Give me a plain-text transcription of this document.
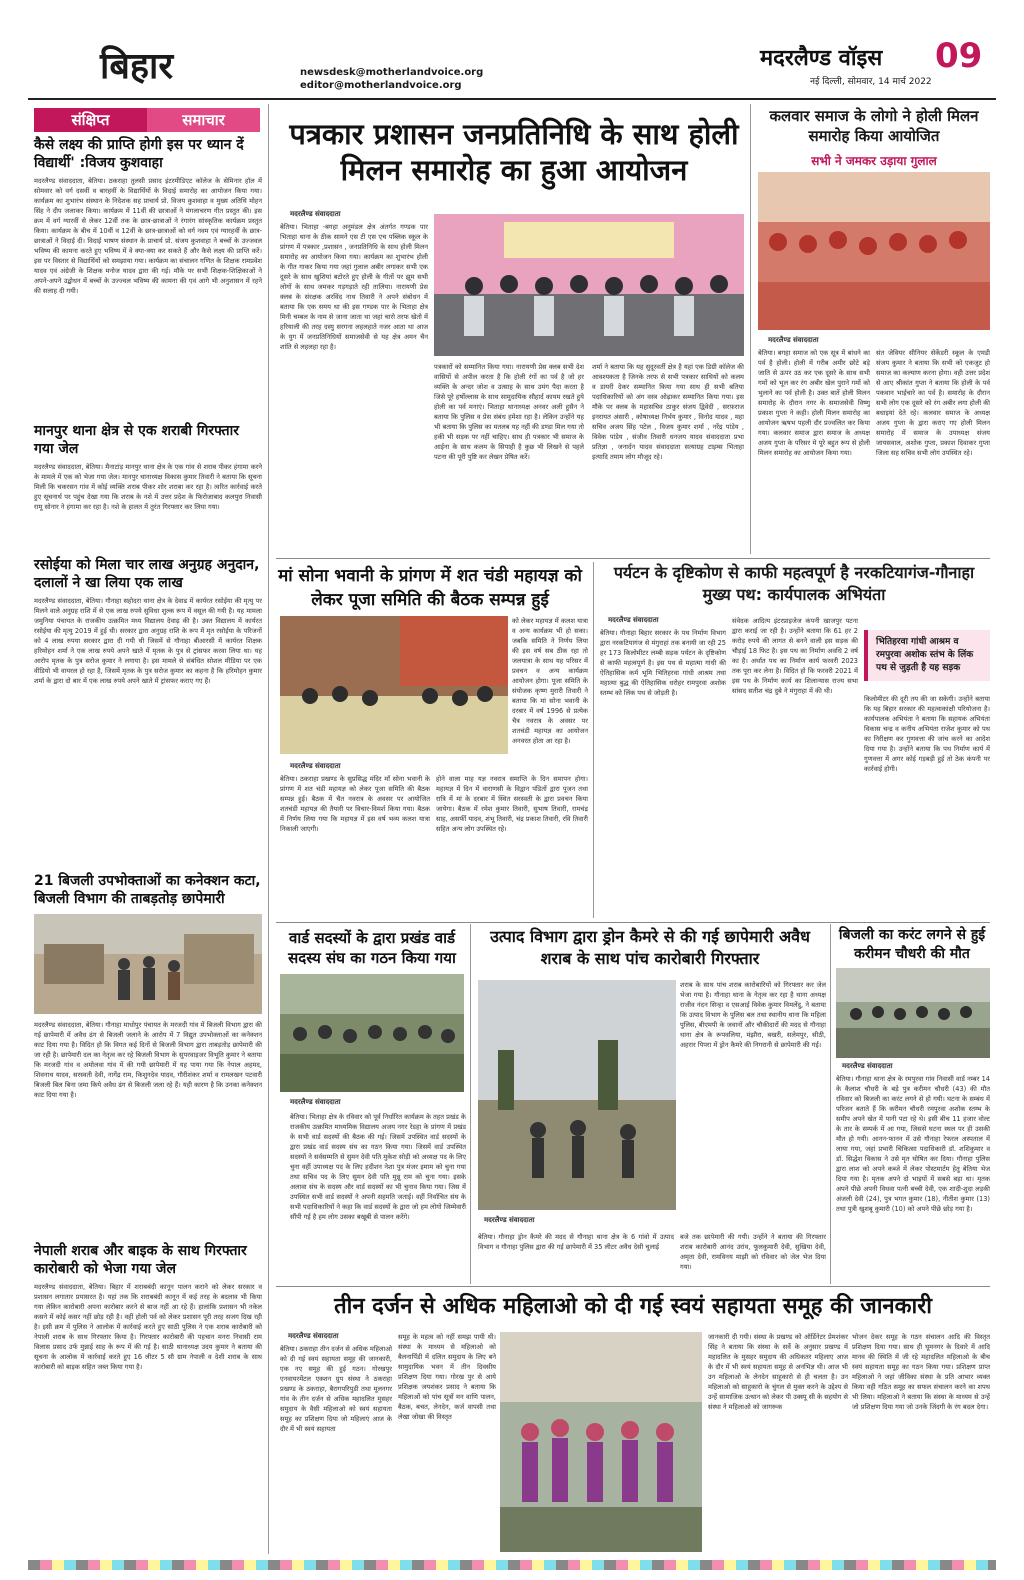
बिहार	newsdesk@motherlandvoice.org
editor@motherlandvoice.org
मदरलैण्ड वॉइस 09
नई दिल्ली, सोमवार, 14 मार्च 2022
संक्षिप्त	समाचार
कैसे लक्ष्य की प्राप्ति होगी इस पर ध्यान दें विद्यार्थी' :विजय कुशवाहा
मदरलैण्ड संवाददाता, बेतिया। ठकराहा तुलसी प्रसाद इंटरमीडिएट कॉलेज के सेमिनार हॉल में सोमवार को वर्ग दसवीं व बारहवीं के विद्यार्थियों के विदाई समारोह का आयोजन किया गया। कार्यक्रम का शुभारंभ संस्थान के निदेशक सह प्राचार्य प्रो. विजय कुशवाहा व मुख्य अतिथि मोहन सिंह ने दीप जलाकर किया। कार्यक्रम में 11वीं की छात्राओं ने मंगलाचरण गीत प्रस्तुत की। इस क्रम में वर्ग ग्यारवीं से लेकर 12वीं तक के छात्र-छात्राओं ने रंगारंग सांस्कृतिक कार्यक्रम प्रस्तुत किया। कार्यक्रम के बीच में 10वीं व 12वीं के छात्र-छात्राओं को वर्ग नवम एवं ग्यारहवीं के छात्र-छात्राओं ने विदाई दी। विदाई भाषण संस्थान के प्राचार्य प्रो. संजय कुशवाहा ने बच्चों के उज्जवल भविष्य की कामना करते हुए भविष्य में वे क्या-क्या कर सकते हैं और कैसे लक्ष्य की प्राप्ति करें। इस पर विस्तार से विद्यार्थियों को समझाया गया। कार्यक्रम का संचालन गणित के शिक्षक रामप्रवेश यादव एवं अंग्रेजी के शिक्षक मनोज यादव द्वारा की गई। मौके पर सभी शिक्षक-शिक्षिकाओं ने अपने-अपने उद्बोधन में बच्चों के उज्ज्वल भविष्य की कामना की एवं आगे भी अनुशासन में रहने की सलाह दी गयी।
मानपुर थाना क्षेत्र से एक शराबी गिरफ्तार गया जेल
मदरलैण्ड संवाददाता, बेतिया। मैनाटांड़ मानपुर थाना क्षेत्र के एक गांव से शराब पीकर हंगामा करने के मामले में एक को भेजा गया जेल। मानपुर थानाध्यक्ष विकास कुमार तिवारी ने बताया कि सूचना मिली कि चकरसन गांव में कोई व्यक्ति शराब पीकर शोर शराबा कर रहा है। त्वरित कार्रवाई करते हुए सूचनार्थ पर पहुंच देखा गया कि शराब के नशे में उत्तर प्रदेश के फिरोजाबाद कलपुरा निवासी रामू सोनार ने हंगामा कर रहा है। नशे के हालत में तुरंत गिरफ्तार कर लिया गया।
रसोईया को मिला चार लाख अनुग्रह अनुदान, दलालों ने खा लिया एक लाख
मदरलैण्ड संवाददाता, बेतिया। गौनाहा सहोदरा थाना क्षेत्र के देवाढ में कार्यरत रसोईया की मृत्यु पर मिलने वाले अनुग्रह राशि में से एक लाख रुपये सुविधा शुल्क रूप में वसूल की गयी है। यह मामला जमुनिया पंचायत के राजकीय उत्क्रमित मध्य विद्यालय देवाढ़ की है। उक्त विद्यालय में कार्यरत रसोईया की मृत्यु 2019 में हुई थी। सरकार द्वारा अनुग्रह राशि के रूप में मृत रसोईया के परिजनों को 4 लाख रुपया सरकार द्वारा दी गयी थी जिसमें से गौनाहा बीआरसी में कार्यरत शिक्षक हरिमोहन शर्मा ने एक लाख रुपये अपने खाते में मृतक के पुत्र से ट्रांसफर करवा लिया था। यह आरोप मृतक के पुत्र सरोज कुमार ने लगाया है। इस मामले से संबंधित सोशल मीडिया पर एक वीडियो भी वायरल हो रहा है, जिसमें मृतक के पुत्र सरोज कुमार का कहना है कि हरिमोहन कुमार शर्मा के द्वारा दो बार में एक लाख रुपये अपने खाते में ट्रांसफर कराए गए हैं।
21 बिजली उपभोक्ताओं का कनेक्शन कटा, बिजली विभाग की ताबड़तोड़ छापेमारी
मदरलैण्ड संवाददाता, बेतिया। गौनाहा माधोपुर पंचायत के मरजदी गांव में बिजली विभाग द्वारा की गई छापेमारी में अवैध ढंग से बिजली जलाने के आरोप में 7 विद्युत उपभोक्ताओं का कनेक्शन काट दिया गया है। विदित हो कि विगत कई दिनों से बिजली विभाग द्वारा ताबड़तोड़ छापेमारी की जा रही है। छापेमारी दल का नेतृत्व कर रहे बिजली विभाग के सुपरवाइजर विभूति कुमार ने बताया कि मरजदी गांव व अमोलवा गांव में की गयी छापेमारी में यह पाया गया कि नेपाल अहमद, शिवनाथ यादव, सरस्वती देवी, नागेंद्र राम, किशुनदेव यादव, गौरीशंकर शर्मा व रामलखन पटवारी बिजली बिल बिना जमा किये अवैध ढंग से बिजली जला रहे हैं। यही कारण है कि उनका कनेक्शन काट दिया गया है।
नेपाली शराब और बाइक के साथ गिरफ्तार कारोबारी को भेजा गया जेल
मदरलैण्ड संवाददाता, बेतिया। बिहार में शराबबंदी कानून पालन कराने को लेकर सरकार व प्रशासन लगातार प्रयासरत है। यहां तक कि शराबबंदी कानून में कई तरह के बदलाव भी किया गया लेकिन कारोबारी अपना कारोबार करने से बाज नहीं आ रहे हैं। हालांकि प्रशासन भी नकेल कसने में कोई कसर नहीं छोड़ रही है। वहीं होली पर्व को लेकर प्रशासन पूरी तरह सजग दिख रही है। इसी क्रम में पुलिस ने आलोक में कार्रवाई करते हुए साठी पुलिस ने एक शराब कारोबारी को नेपाली शराब के साथ गिरफ्तार किया है। गिरफ्तार कारोबारी की पहचान मनरा निवासी राम विलास प्रसाद उर्फ मुन्नाई साह के रूप में की गई है। साठी थानाध्यक्ष उदय कुमार ने बताया की सूचना के आलोक में कार्रवाई करते हुए 16 लीटर 5 सौ ग्राम नेपाली व देशी शराब के साथ कारोबारी को बाइक सहित जब्त किया गया है।
पत्रकार प्रशासन जनप्रतिनिधि के साथ होली मिलन समारोह का हुआ आयोजन
मदरलैण्ड संवाददाता
बेतिया। भिताहा -बगहा अनुमंडल क्षेत्र अंतर्गत गण्डक पार भिताहा थाना के ठीक सामने एस टी एस एच पब्लिक स्कूल के प्रांगण में पत्रकार ,प्रशासन , जनप्रतिनिधि के साथ होली मिलन समारोह का आयोजन किया गया। कार्यक्रम का शुभारंभ होली के गीत गाकर किया गया जहां गुलाल अबीर लगाकर सभी एक दूसरे के साथ खुशियां बटोरते हुए होली के गीतों पर झूम सभी लोगों के साथ जमकर गड़गड़ाते रही तालिया। नारायणी प्रेस क्लब के संरक्षक अरविंद नाथ तिवारी ने अपने संबोधन में बताया कि एक समय था की इस गण्डक पार के भिताहा क्षेत्र मिनी चम्बल के नाम से जाना जाता था जहां चारो तरफ खेतो में हरियाली की तरह दस्यु सरगना लहलहाते नजर आता था आज के युग में जनप्रतिनिधियों समाजसेवी से यह क्षेत्र अमन चैन शांति से लहलहा रहा है।
पत्रकारों को सम्मानित किया गया। नारायणी प्रेस क्लब सभी देश वासियों से अपील करता है कि होली रंगों का पर्व है जो हर व्यक्ति के अन्दर जोश व उत्साह के साथ उमंग पैदा करता है जिसे पूरे हर्षोल्लास के साथ सामुदायिक सौहार्द कायम रखते हुये होली का पर्व मनाएं। भिताहा थानाध्यक्ष अनवर अली हुसैन ने बताया कि पुलिस व प्रेस संबंध हमेशा रहा है। लेकिन उन्होंने यह भी बताया कि पुलिस का मतलब यह नहीं की डण्डा मिल गया तो हकी भी सड़क पर नहीं चाहिए। साथ ही पत्रकार भी समाज के आईना के साथ कलम के सिपाही है कुछ भी लिखने से पहले पटना की पूरी पुष्टि कर लेखन प्रेषित करें।
शर्मा ने बताया कि यह सुदूरवर्ती क्षेत्र है यहां एक डिग्री कॉलेज की आवश्यकता है जिनके तरफ से सभी पत्रकार साथियों को कलम व डायरी देकर सम्मानित किया गया साथ ही सभी बतिया पदाधिकारियों को अंग वस्त्र ओढ़ाकर सम्मानित किया गया। इस मौके पर क्लब के महासचिव ठाकुर संजय द्विवेदी , सरफ़राज इनरायत अंसारी , कोषाध्यक्ष निर्भय कुमार , विनोद यादव , महा सचिव अजय सिंह पटेल , विजय कुमार शर्मा , नरेंद्र पांडेय , विवेक पांडेय , संजीव तिवारी धनजय यादव संवाददाता प्रभा प्रतिज्ञा , जनार्दन यादव संवाददाता सत्याग्रह टाइम्स भिताहा इत्यादि तमाम लोग मौजूद रहे।
कलवार समाज के लोगो ने होली मिलन समारोह किया आयोजित
सभी ने जमकर उड़ाया गुलाल
मदरलैण्ड संवाददाता
बेतिया। बगहा समाज को एक सूत्र में बांधने का पर्व है होली। होली में गरीब अमीर छोटे बड़े जाति से ऊपर उठ कर एक दूसरे के साथ सभी गमों को भूल कर रंग अबीर खेल पुराने गमों को भुलाने का पर्व होली है। उक्त बातें होली मिलन समारोह के दौरान नगर के समाजसेवी विष्णु प्रकाश गुप्ता ने कही। होली मिलन समारोह का आयोजन ऋषभ पहली दौर प्रज्वलित कर किया गया। कलवार समाज द्वारा समाज के अध्यक्ष अजय गुप्ता के परिसर मे पूरे बहुत रूप से होली मिलन समारोह का आयोजन किया गया।
संत जेवियर सीनियर सेकेंडरी स्कूल के एमडी संजय कुमार ने बताया कि सभी को एकजुट हो समाज का कल्याण करना होगा। वही उत्तर प्रदेश से आए श्रीकांत गुप्ता ने बताया कि होली के पर्व पकवान भाईचारे का पर्व है। समारोह के दौरान सभी लोग एक दूसरे को रंग अबीर लगा होली की बधाइयां देते रहे। कलवार समाज के अध्यक्ष अजय गुप्ता के द्वारा कराए गए होली मिलन समारोह में समाज के उपाध्यक्ष संजय जायसवाल, अशोक गुप्ता, प्रकाश दिवाकर गुप्ता जिला सह सचिव सभी लोग उपस्थित रहे।
मां सोना भवानी के प्रांगण में शत चंडी महायज्ञ को लेकर पूजा समिति की बैठक सम्पन्न हुई
को लेकर महायज्ञ में कलश यात्रा व अन्य कार्यक्रम भी हो सका। जबकि समिति ने निर्णय लिया की इस वर्ष सब ठीक रहा तो जलयात्रा के साथ यह परिसर में प्रवचन व अन्य कार्यक्रम आयोजन होगा। पूजा समिति के संयोजक कृष्ण मुरारी तिवारी ने बताया कि मां सोना भवानी के दरबार में वर्ष 1996 से प्रत्येक चैत्र नवरात्र के अवसर पर शतचंडी महायज्ञ का आयोजन अनवरत होता आ रहा है।
मदरलैण्ड संवाददाता
बेतिया। ठकराहा प्रखण्ड के सुप्रसिद्ध मंदिर माँ सोना भवानी के प्रांगण में शत चंडी महायज्ञ को लेकर पूजा समिति की बैठक सम्पन्न हुई। बैठक में चैत नवरात्र के अवसर पर आयोजित शतचंडी महायज्ञ की तैयारी पर विचार-विमर्श किया गया। बैठक में निर्णय लिया गया कि महायज्ञ में इस वर्ष भव्य कलश यात्रा निकाली जाएगी।
होने वाला माह यज्ञ नवरात्र समाप्ति के दिन समापन होगा। महायज्ञ में दिन में वाराणसी के विद्वान पंडितों द्वारा पूजन तथा रात्रि में मां के दरबार में स्थित सरस्वती के द्वारा प्रवचन किया जायेगा। बैठक में रमेश कुमार तिवारी, सुभाष तिवारी, रामचंद्र साह, असर्फी यादव, शंभू तिवारी, चंद्र प्रकाश तिवारी, रवि तिवारी सहित अन्य लोग उपस्थित रहे।
पर्यटन के दृष्टिकोण से काफी महत्वपूर्ण है नरकटियागंज-गौनाहा मुख्य पथ: कार्यपालक अभियंता
मदरलैण्ड संवाददाता
बेतिया। गौनाहा बिहार सरकार के पथ निर्माण विभाग द्वारा नरकटियागंज से मंगुराहां तक बनायी जा रही 25 हर 173 किलोमीटर लम्बी सड़क पर्यटन के दृष्टिकोण से काफी महत्वपूर्ण है। इस पथ से महात्मा गांधी की ऐतिहासिक कर्म भूमि भितिहरवा गांधी आश्रम तथा महात्मा बुद्ध की ऐतिहासिक धरोहर रामपुरवा अशोक स्तम्भ को लिंक पथ से जोड़ती है।
संवेदक आदित्य इंटरप्राइजेज कंपनी खाजपुर पटना द्वारा कराई जा रही है। उन्होंने बताया कि 61 हर 2 करोड़ रुपये की लागत से बनने वाली इस सड़क की चौड़ाई 18 फिट है। इस पथ का निर्माण अवधि 2 वर्ष का है। अर्थात पथ का निर्माण कार्य फरवरी 2023 तक पूरा कर लेना है। विदित हो कि फरवरी 2021 में इस पथ के निर्माण कार्य का शिलान्यास राज्य सभा सांसद सतीश चंद्र दुबे ने मंगुराहा में की थी।
भितिहरवा गांधी आश्रम व रमपुरवा अशोक स्तंभ के लिंक पथ से जुड़ती है यह सड़क
किलोमीटर की दूरी तय की जा सकेगी। उन्होंने बताया कि यह बिहार सरकार की महत्वाकांक्षी परियोजना है। कार्यपालक अभियंता ने बताया कि सहायक अभियंता विकास चन्द्र व कनीय अभियंता राजेश कुमार को पथ का निरीक्षण कर गुणवत्ता की जांच करने का आदेश दिया गया है। उन्होंने बताया कि पथ निर्माण कार्य में गुणवत्ता में अगर कोई गड़बड़ी हुई तो ठेक कंपनी पर कार्रवाई होगी।
वार्ड सदस्यों के द्वारा प्रखंड वार्ड सदस्य संघ का गठन किया गया
मदरलैण्ड संवाददाता
बेतिया। भिताहा क्षेत्र के रविवार को पूर्व निर्धारित कार्यक्रम के तहत प्रखंड के राजकीय उत्क्रमित माध्यमिक विद्यालय अजय नगर रेडहा के प्रांगण में प्रखंड के सभी वार्ड सदस्यों की बैठक की गई। जिसमें उपस्थित वार्ड सदस्यों के द्वारा प्रखंड वार्ड सदस्य संघ का गठन किया गया। जिसमें वार्ड उपस्थित सदस्यों ने सर्वसम्मति से सुमन देवी पति मुकेश सोड़ी को अध्यक्ष पद के लिए चुना वहीं उपाध्यक्ष पद के लिए हदीशन नेशा पुत्र मंजर इमाम को चुना गया तथा सचिव पद के लिए सुमन देवी पति मुन्नू राम को चुना गया। इसके अलावा संघ के सदस्य और वार्ड सदस्यों का भी चुनाव किया गया। जिस में उपस्थित सभी वार्ड सदस्यों ने अपनी सहमति जताई। वहीं निर्वाचित संघ के सभी पदाधिकारियों ने कहा कि वार्ड सदस्यों के द्वारा जो हम लोगो जिम्मेवारी सौंपी गई है हम लोग उसका बखूबी से पालन करेंगे।
उत्पाद विभाग द्वारा ड्रोन कैमरे से की गई छापेमारी अवैध शराब के साथ पांच कारोबारी गिरफ्तार
मदरलैण्ड संवाददाता
शराब के साथ पांच शराब कारोबारियों को गिरफ्तार कर जेल भेजा गया है। गौनाहा थाना के नेतृत्व कर रहा है थाना अध्यक्ष राजीव नंदन सिन्हा व एसआई विवेक कुमार विमलेंदु, ने बताया कि उत्पाद विभाग के पुलिस बल तथा स्थानीय थाना कि महिला पुलिस, बीएमपी के जवानों और चौकीदारों की मदद से गौनाहा थाना क्षेत्र के रूपवलिया, मंझौरा, बखरी, सलेमपुर, सीठी, अहरार पिपरा में ड्रोन कैमरे की निगरानी से छापेमारी की गई।
बेतिया। गौनाहा ड्रोन कैमरे की मदद से गौनाहा थाना क्षेत्र के 6 गांवो में उत्पाद विभाग व गौनाहा पुलिस द्वारा की गई छापेमारी में 35 लीटर अवैध देसी चुलाई
बजे तक छापेमारी की गयी। उन्होंने ने बताया की गिरफ्तार शराब कारोबारी आनंद उरांव, फूलकुमारी देवी, सुखिया देवी, अमृता देवी, रामविनय माझी को रविवार को जेल भेज दिया गया।
बिजली का करंट लगने से हुई करीमन चौधरी की मौत
मदरलैण्ड संवाददाता
बेतिया। गौनाहा थाना क्षेत्र के रमपुरवा गांव निवासी वार्ड नम्बर 14 के कैलाश चौधरी के बड़े पुत्र करीमन चौधरी (43) की मौत रविवार को बिजली का करंट लगने से हो गयी। घटना के सम्बंध में परिजन बताते हैं कि करीमन चौधरी रमपुरवा अशोक स्तम्भ के समीप अपने खेत में पानी पटा रहे थे। इसी बीच 11 हजार वोल्ट के तार के सम्पर्क में आ गया, जिससे घटना स्थल पर ही उसकी मौत हो गयी। आनन-फानन में उसे गौनाहा रेफरल अस्पताल में लाया गया, जहां प्रभारी चिकित्सा पदाधिकारी डॉ. शशिकुमार व डॉ. सिद्धेश विकास ने उसे मृत घोषित कर दिया। गौनाहा पुलिस द्वारा लाश को अपने कब्जे में लेकर पोस्टमार्टम हेतु बेतिया भेज दिया गया है। मृतक अपने दो भाइयों में सबसे बड़ा था। मृतक अपने पीछे अपनी विधवा पत्नी बच्ची देवी, एक शादी-शुदा लड़की अंजली देवी (24), पुत्र भगत कुमार (18), नीतीश कुमार (13) तथा पुत्री खुशबू कुमारी (10) को अपने पीछे छोड़ गया है।
तीन दर्जन से अधिक महिलाओ को दी गई स्वयं सहायता समूह की जानकारी
मदरलैण्ड संवाददाता
बेतिया। ठकराहा तीन दर्जन से अधिक महिलाओ को दी गई स्वयं सहायता समूह की जानकारी, एक नए समूह की हुई गठन। गोरखपुर एनवायरमेंटल एक्शन ग्रुप संस्था ने ठकराहा प्रखण्ड के ठकराहा, बैरागपरिपुडी तथा मूलनगर गांव के तीन दर्जन से अधिक महादलित मुसहर समुदाय के वैसी महिलाओ को स्वयं सहायता समूह का प्रशिक्षण दिया जो महिलाएं आज के दौर में भी स्वयं सहायता
समूह के महत्व को नहीं समझ पायी थी। संस्था के माध्यम से महिलाओ को बैलनार्पिडी में दलित समुदाय के लिए बने सामुदायिक भवन में तीन दिवसीय प्रशिक्षण दिया गया। गोरख पुर से आये प्रशिक्षक जयशंकर प्रसाद ने बताया कि महिलाओं को पांच सूत्रों मन वाणि पालन, बैठक, बचत, लेनदेन, कर्ज वापसी तथा लेखा जोखा की विस्तृत
जानकारी दी गयी। संस्था के प्रखण्ड को ऑर्डिनेटर प्रेमशंकर सिंह ने बताया कि संस्था के सर्वे के अनुसार प्रखण्ड में महादलित के मुसहर समुदाय की अधिकतर महिलाए आज के दौर में भी स्वयं सहायता समूह से अनभिज्ञ थी। आज भी उन महिलाओ के लेनदेन साहूकारो से ही चलता है। उन महिलाओ को साहूकारो के चुंगल से मुक्त करने के उद्देश्य से उन्हें सामाजिक उत्थान को लेकर पी उक्स्पू सी के सहयोग से संस्था ने महिलाओ को जागरूक
भोजन देकर समूह के गठन संचालन आदि की विस्तृत प्रशिक्षण दिया गया। साथ ही घूमनगर के दिवारे में आदि मानव की स्थिति में जी रहे महादलित महिलाओ के बीच स्वयं सहायता समूह का गठन किया गया। प्रशिक्षण प्राप्त महिलाओ ने जहां जीविका संस्था के प्रति आभार व्यक्त किया वही गठित समूह का सफल संचालन करने का शपथ भी लिया। महिलाओ ने बताया कि संस्था के माध्यम से उन्हें जो प्रशिक्षण दिया गया जो उनके जिंदगी के रंग बदल देगा।
